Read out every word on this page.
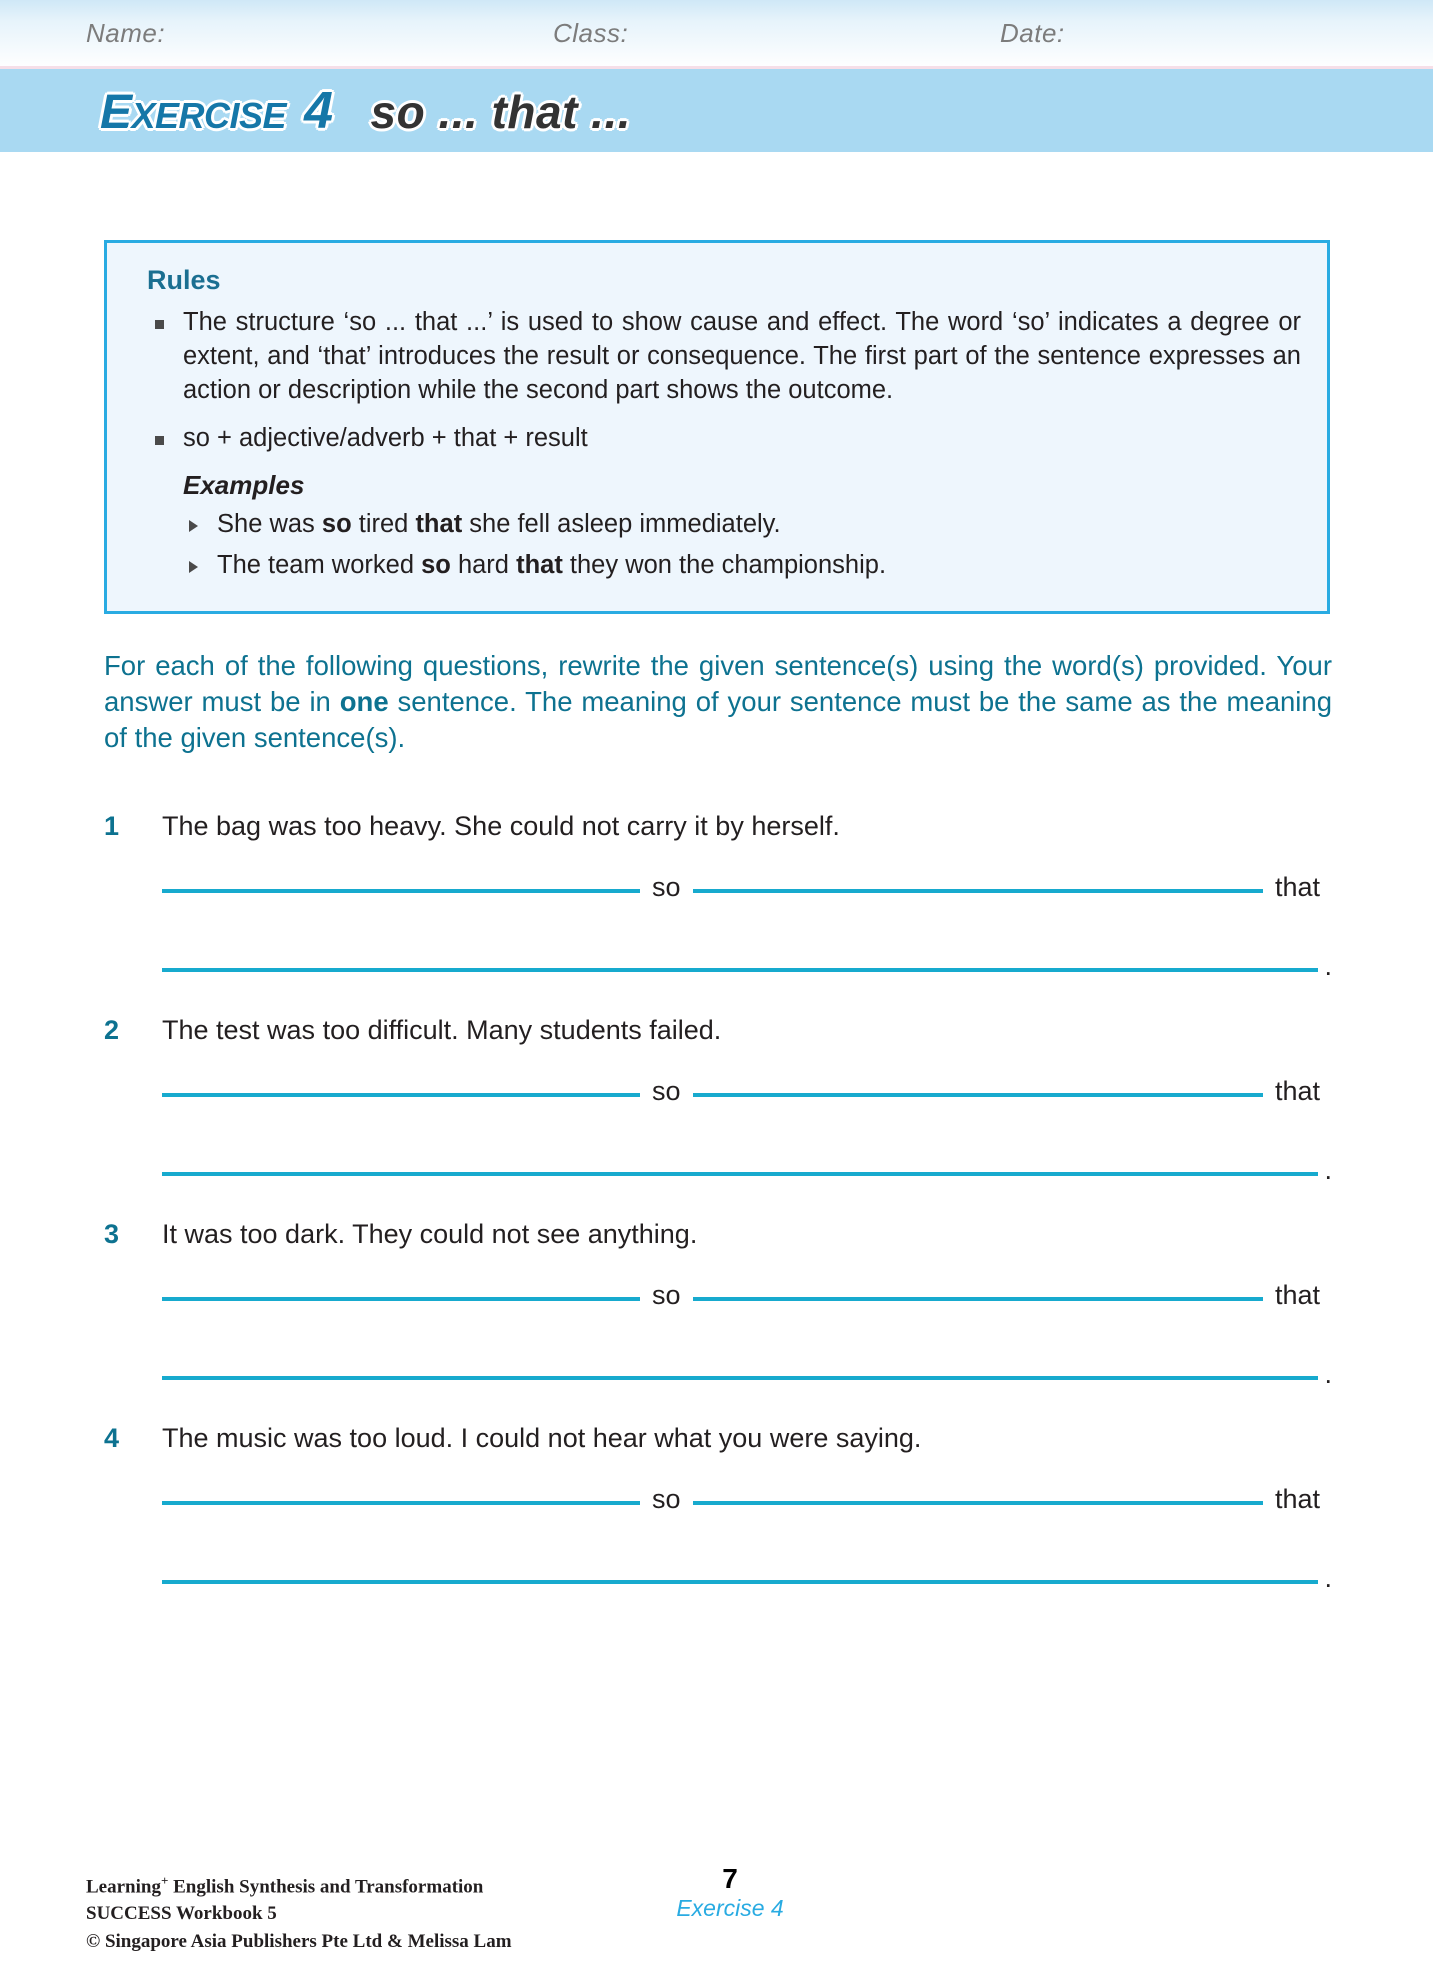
Name:	Class:	Date:
EXERCISE 4 so ... that ...
Rules
The structure ‘so ... that ...’ is used to show cause and effect. The word ‘so’ indicates a degree or extent, and ‘that’ introduces the result or consequence. The first part of the sentence expresses an action or description while the second part shows the outcome.
so + adjective/adverb + that + result
Examples
She was so tired that she fell asleep immediately.
The team worked so hard that they won the championship.
For each of the following questions, rewrite the given sentence(s) using the word(s) provided. Your answer must be in one sentence. The meaning of your sentence must be the same as the meaning of the given sentence(s).
1	The bag was too heavy. She could not carry it by herself.
so	that
.
2	The test was too difficult. Many students failed.
so	that
.
3	It was too dark. They could not see anything.
so	that
.
4	The music was too loud. I could not hear what you were saying.
so	that
.
Learning+ English Synthesis and Transformation
SUCCESS Workbook 5
© Singapore Asia Publishers Pte Ltd & Melissa Lam
7
Exercise 4
